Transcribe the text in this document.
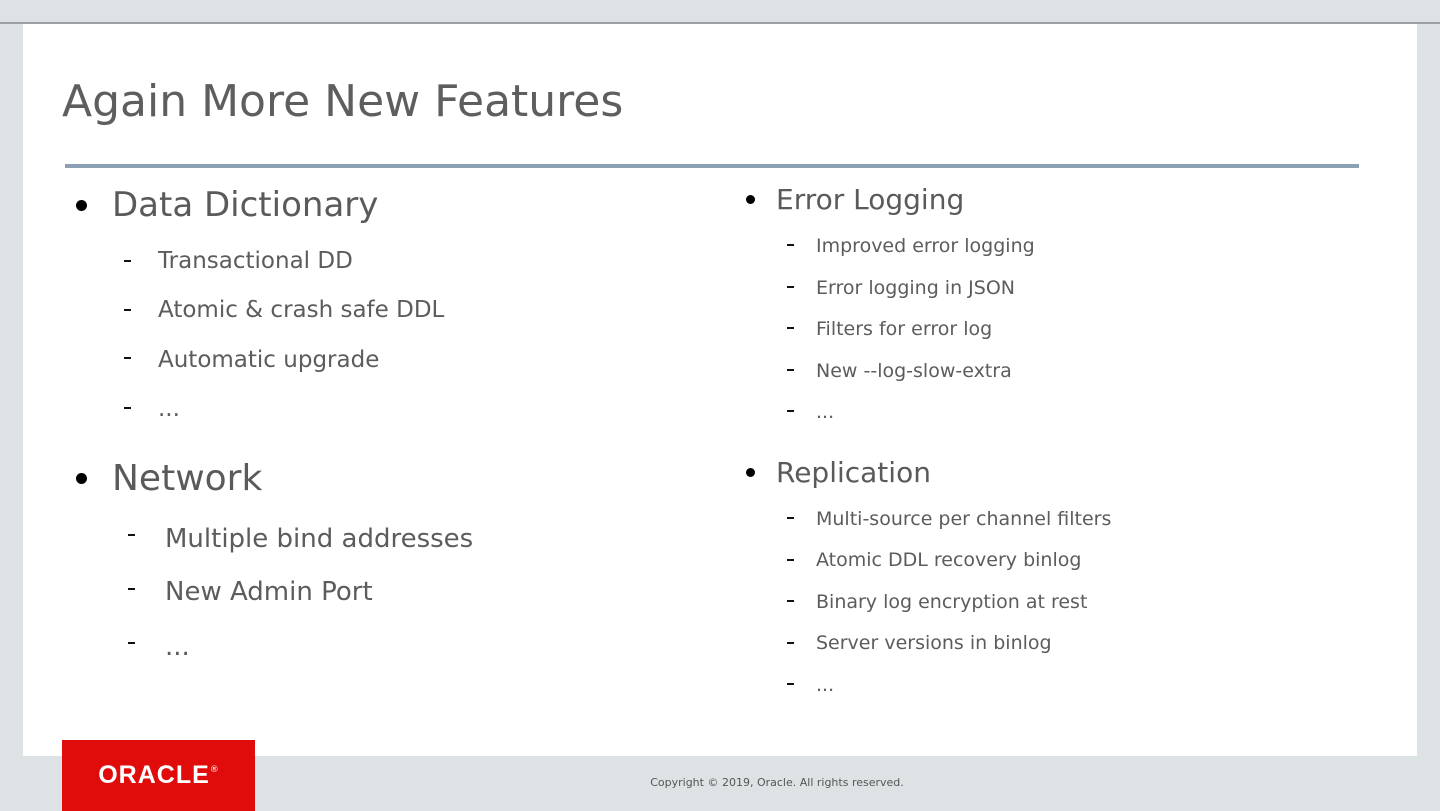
Again More New Features
Data Dictionary
Transactional DD
Atomic & crash safe DDL
Automatic upgrade
...
Network
Multiple bind addresses
New Admin Port
...
Error Logging
Improved error logging
Error logging in JSON
Filters for error log
New --log-slow-extra
...
Replication
Multi-source per channel filters
Atomic DDL recovery binlog
Binary log encryption at rest
Server versions in binlog
...
ORACLE®
Copyright © 2019, Oracle. All rights reserved.
